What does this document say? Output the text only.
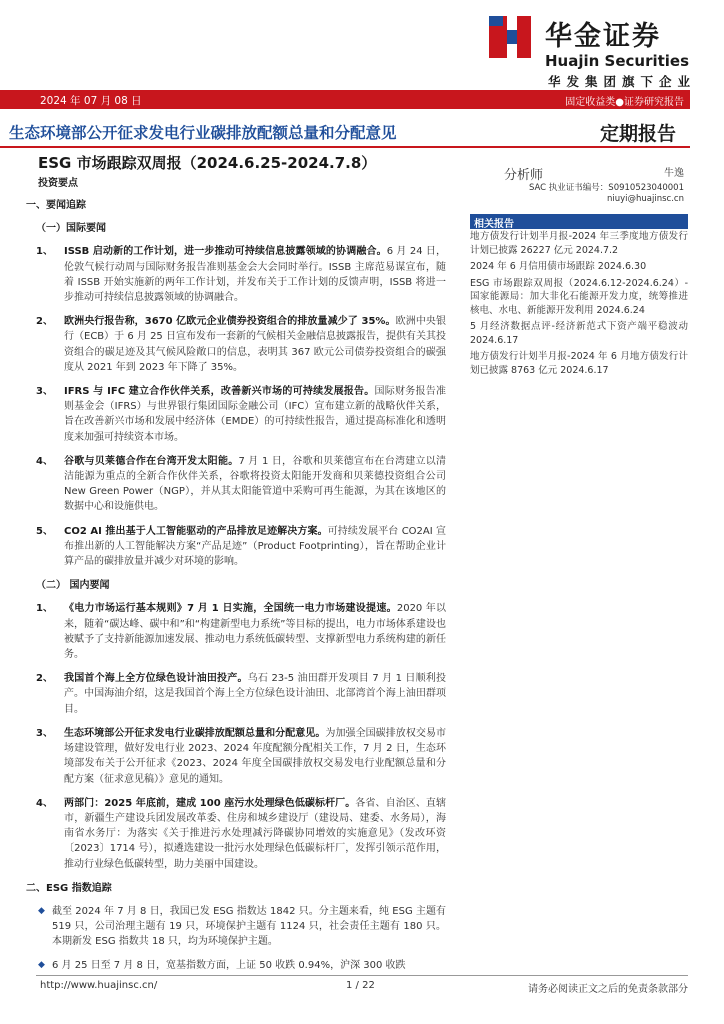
华金证券
Huajin Securities
华发集团旗下企业
2024 年 07 月 08 日	固定收益类●证券研究报告
生态环境部公开征求发电行业碳排放配额总量和分配意见	定期报告
ESG 市场跟踪双周报（2024.6.25-2024.7.8）
投资要点
一、要闻追踪
（一）国际要闻
1、	ISSB 启动新的工作计划，进一步推动可持续信息披露领域的协调融合。6 月 24 日，伦敦气候行动周与国际财务报告准则基金会大会同时举行。ISSB 主席范易谋宣布，随着 ISSB 开始实施新的两年工作计划，并发布关于工作计划的反馈声明，ISSB 将进一步推动可持续信息披露领域的协调融合。
2、	欧洲央行报告称，3670 亿欧元企业债券投资组合的排放量减少了 35%。欧洲中央银行（ECB）于 6 月 25 日宣布发布一套新的气候相关金融信息披露报告，提供有关其投资组合的碳足迹及其气候风险敞口的信息，表明其 367 欧元公司债券投资组合的碳强度从 2021 年到 2023 年下降了 35%。
3、	IFRS 与 IFC 建立合作伙伴关系，改善新兴市场的可持续发展报告。国际财务报告准则基金会（IFRS）与世界银行集团国际金融公司（IFC）宣布建立新的战略伙伴关系，旨在改善新兴市场和发展中经济体（EMDE）的可持续性报告，通过提高标准化和透明度来加强可持续资本市场。
4、	谷歌与贝莱德合作在台湾开发太阳能。7 月 1 日，谷歌和贝莱德宣布在台湾建立以清洁能源为重点的全新合作伙伴关系，谷歌将投资太阳能开发商和贝莱德投资组合公司 New Green Power（NGP），并从其太阳能管道中采购可再生能源，为其在该地区的数据中心和设施供电。
5、	CO2 AI 推出基于人工智能驱动的产品排放足迹解决方案。可持续发展平台 CO2AI 宣布推出新的人工智能解决方案“产品足迹”（Product Footprinting），旨在帮助企业计算产品的碳排放量并减少对环境的影响。
（二） 国内要闻
1、	《电力市场运行基本规则》7 月 1 日实施，全国统一电力市场建设提速。2020 年以来，随着“碳达峰、碳中和”和“构建新型电力系统”等目标的提出，电力市场体系建设也被赋予了支持新能源加速发展、推动电力系统低碳转型、支撑新型电力系统构建的新任务。
2、	我国首个海上全方位绿色设计油田投产。乌石 23-5 油田群开发项目 7 月 1 日顺利投产。中国海油介绍，这是我国首个海上全方位绿色设计油田、北部湾首个海上油田群项目。
3、	生态环境部公开征求发电行业碳排放配额总量和分配意见。为加强全国碳排放权交易市场建设管理，做好发电行业 2023、2024 年度配额分配相关工作，7 月 2 日，生态环境部发布关于公开征求《2023、2024 年度全国碳排放权交易发电行业配额总量和分配方案（征求意见稿）》意见的通知。
4、	两部门：2025 年底前，建成 100 座污水处理绿色低碳标杆厂。各省、自治区、直辖市，新疆生产建设兵团发展改革委、住房和城乡建设厅（建设局、建委、水务局），海南省水务厅：为落实《关于推进污水处理减污降碳协同增效的实施意见》（发改环资〔2023〕1714 号），拟遴选建设一批污水处理绿色低碳标杆厂，发挥引领示范作用，推动行业绿色低碳转型，助力美丽中国建设。
二、ESG 指数追踪
◆ 截至 2024 年 7 月 8 日，我国已发 ESG 指数达 1842 只。分主题来看，纯 ESG 主题有 519 只，公司治理主题有 19 只，环境保护主题有 1124 只，社会责任主题有 180 只。本期新发 ESG 指数共 18 只，均为环境保护主题。
◆ 6 月 25 日至 7 月 8 日，宽基指数方面，上证 50 收跌 0.94%，沪深 300 收跌
分析师	牛逸
SAC 执业证书编号：S0910523040001
niuyi@huajinsc.cn
相关报告
地方债发行计划半月报-2024 年三季度地方债发行计划已披露 26227 亿元 2024.7.2
2024 年 6 月信用债市场跟踪 2024.6.30
ESG 市场跟踪双周报（2024.6.12-2024.6.24）-国家能源局：加大非化石能源开发力度，统筹推进核电、水电、新能源开发利用 2024.6.24
5 月经济数据点评-经济新范式下资产端平稳波动 2024.6.17
地方债发行计划半月报-2024 年 6 月地方债发行计划已披露 8763 亿元 2024.6.17
http://www.huajinsc.cn/	1 / 22	请务必阅读正文之后的免责条款部分
